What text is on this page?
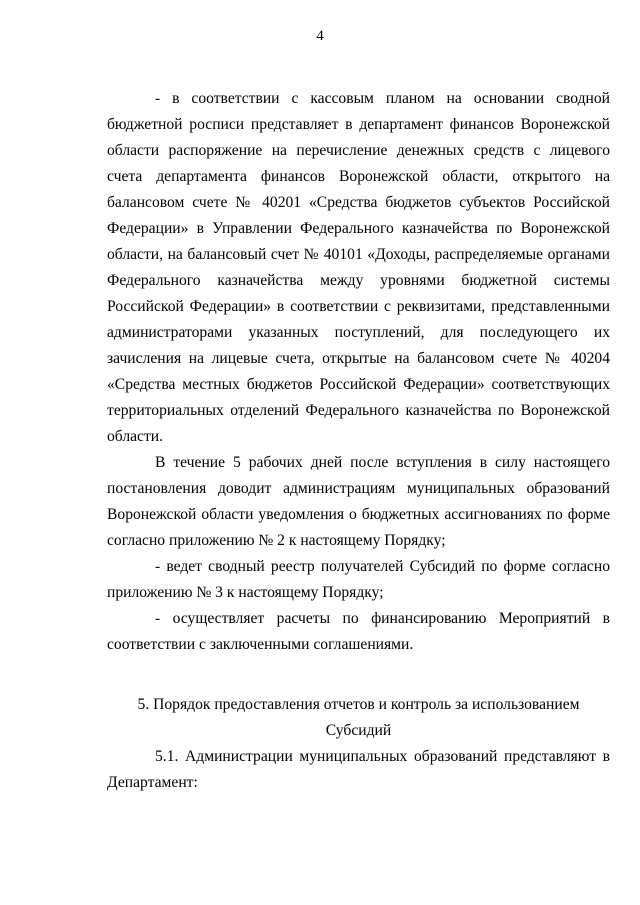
4

- в соответствии с кассовым планом на основании сводной бюджетной росписи представляет в департамент финансов Воронежской области распоряжение на перечисление денежных средств с лицевого счета департамента финансов Воронежской области, открытого на балансовом счете № 40201 «Средства бюджетов субъектов Российской Федерации» в Управлении Федерального казначейства по Воронежской области, на балансовый счет № 40101 «Доходы, распределяемые органами Федерального казначейства между уровнями бюджетной системы Российской Федерации» в соответствии с реквизитами, представленными администраторами указанных поступлений, для последующего их зачисления на лицевые счета, открытые на балансовом счете № 40204 «Средства местных бюджетов Российской Федерации» соответствующих территориальных отделений Федерального казначейства по Воронежской области.

В течение 5 рабочих дней после вступления в силу настоящего постановления доводит администрациям муниципальных образований Воронежской области уведомления о бюджетных ассигнованиях по форме согласно приложению № 2 к настоящему Порядку;

- ведет сводный реестр получателей Субсидий по форме согласно приложению № 3 к настоящему Порядку;

- осуществляет расчеты по финансированию Мероприятий в соответствии с заключенными соглашениями.

5. Порядок предоставления отчетов и контроль за использованием

Субсидий

5.1. Администрации муниципальных образований представляют в Департамент:
